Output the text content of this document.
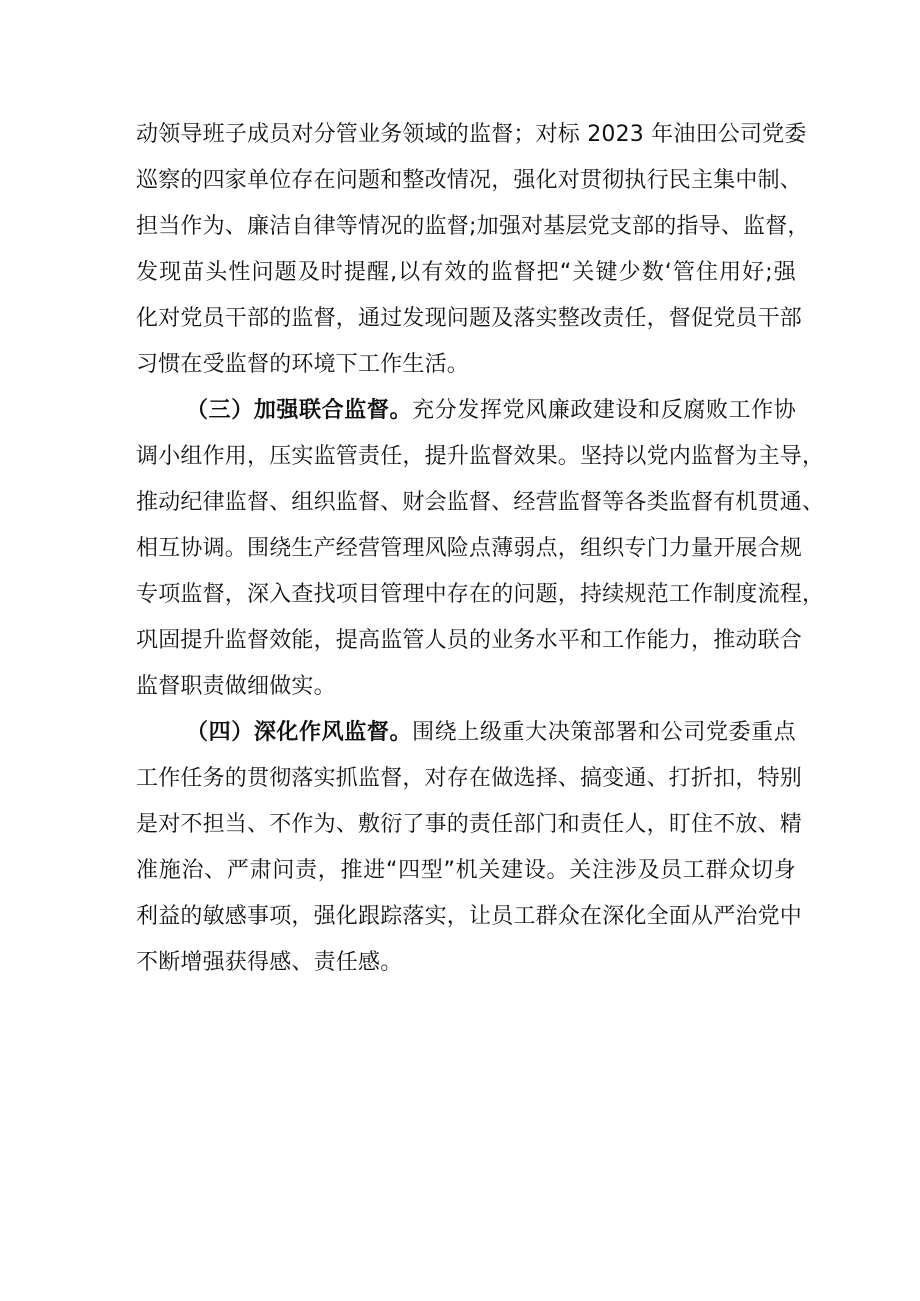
动领导班子成员对分管业务领域的监督；对标 2023 年油田公司党委
巡察的四家单位存在问题和整改情况，强化对贯彻执行民主集中制、
担当作为、廉洁自律等情况的监督;加强对基层党支部的指导、监督，
发现苗头性问题及时提醒,以有效的监督把“关键少数‘管住用好;强
化对党员干部的监督，通过发现问题及落实整改责任，督促党员干部
习惯在受监督的环境下工作生活。
（三）加强联合监督。充分发挥党风廉政建设和反腐败工作协
调小组作用，压实监管责任，提升监督效果。坚持以党内监督为主导，
推动纪律监督、组织监督、财会监督、经营监督等各类监督有机贯通、
相互协调。围绕生产经营管理风险点薄弱点，组织专门力量开展合规
专项监督，深入查找项目管理中存在的问题，持续规范工作制度流程，
巩固提升监督效能，提高监管人员的业务水平和工作能力，推动联合
监督职责做细做实。
（四）深化作风监督。围绕上级重大决策部署和公司党委重点
工作任务的贯彻落实抓监督，对存在做选择、搞变通、打折扣，特别
是对不担当、不作为、敷衍了事的责任部门和责任人，盯住不放、精
准施治、严肃问责，推进“四型”机关建设。关注涉及员工群众切身
利益的敏感事项，强化跟踪落实，让员工群众在深化全面从严治党中
不断增强获得感、责任感。
